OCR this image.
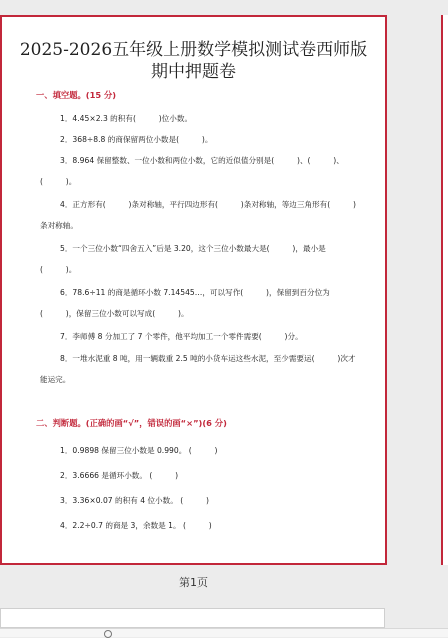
2025-2026五年级上册数学模拟测试卷西师版
期中押题卷
一、填空题。(15 分)
1．4.45×2.3 的积有(　　　)位小数。
2．368÷8.8 的商保留两位小数是(　　　)。
3．8.964 保留整数、一位小数和两位小数，它的近似值分别是(　　　)、(　　　)、(　　　)。
4．正方形有(　　　)条对称轴，平行四边形有(　　　)条对称轴，等边三角形有(　　　)条对称轴。
5．一个三位小数“四舍五入”后是 3.20，这个三位小数最大是(　　　)，最小是(　　　)。
6．78.6÷11 的商是循环小数 7.14545…，可以写作(　　　)，保留到百分位为(　　　)，保留三位小数可以写成(　　　)。
7．李师傅 8 分加工了 7 个零件，他平均加工一个零件需要(　　　)分。
8．一堆水泥重 8 吨，用一辆载重 2.5 吨的小货车运这些水泥，至少需要运(　　　)次才能运完。
二、判断题。(正确的画“√”，错误的画“×”)(6 分)
1．0.9898 保留三位小数是 0.990。 (　　　)
2．3.6666 是循环小数。 (　　　)
3．3.36×0.07 的积有 4 位小数。 (　　　)
4．2.2÷0.7 的商是 3，余数是 1。 (　　　)
第1页
